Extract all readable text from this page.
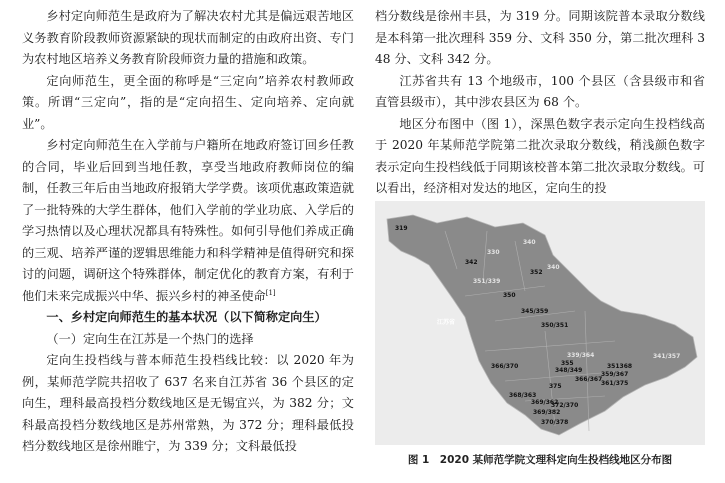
乡村定向师范生是政府为了解决农村尤其是偏远艰苦地区义务教育阶段教师资源紧缺的现状而制定的由政府出资、专门为农村地区培养义务教育阶段师资力量的措施和政策。

定向师范生，更全面的称呼是“三定向”培养农村教师政策。所谓“三定向”，指的是“定向招生、定向培养、定向就业”。

乡村定向师范生在入学前与户籍所在地政府签订回乡任教的合同，毕业后回到当地任教，享受当地政府教师岗位的编制，任教三年后由当地政府报销大学学费。该项优惠政策造就了一批特殊的大学生群体，他们入学前的学业功底、入学后的学习热情以及心理状况都具有特殊性。如何引导他们养成正确的三观、培养严谨的逻辑思维能力和科学精神是值得研究和探讨的问题，调研这个特殊群体，制定优化的教育方案，有利于他们未来完成振兴中华、振兴乡村的神圣使命[1]

一、乡村定向师范生的基本状况（以下简称定向生）

（一）定向生在江苏是一个热门的选择

定向生投档线与普本师范生投档线比较：以 2020 年为例，某师范学院共招收了 637 名来自江苏省 36 个县区的定向生，理科最高投档分数线地区是无锡宜兴，为 382 分；文科最高投档分数线地区是苏州常熟，为 372 分；理科最低投档分数线地区是徐州睢宁，为 339 分；文科最低投

档分数线是徐州丰县，为 319 分。同期该院普本录取分数线是本科第一批次理科 359 分、文科 350 分，第二批次理科 348 分、文科 342 分。

江苏省共有 13 个地级市，100 个县区（含县级市和省直管县级市），其中涉农县区为 68 个。

地区分布图中（图 1），深黑色数字表示定向生投档线高于 2020 年某师范学院第二批次录取分数线，稍浅颜色数字表示定向生投档线低于同期该校普本第二批次录取分数线。可以看出，经济相对发达的地区，定向生的投

江苏省
319
330
340
342
340
352
351/339
350
345/359
350/351
339/364
355	351368
348/349
359/367
366/370
366/367
361/375
341/357
375
368/363
369/362
372/370
369/382
370/378
图 1　2020 某师范学院文理科定向生投档线地区分布图
